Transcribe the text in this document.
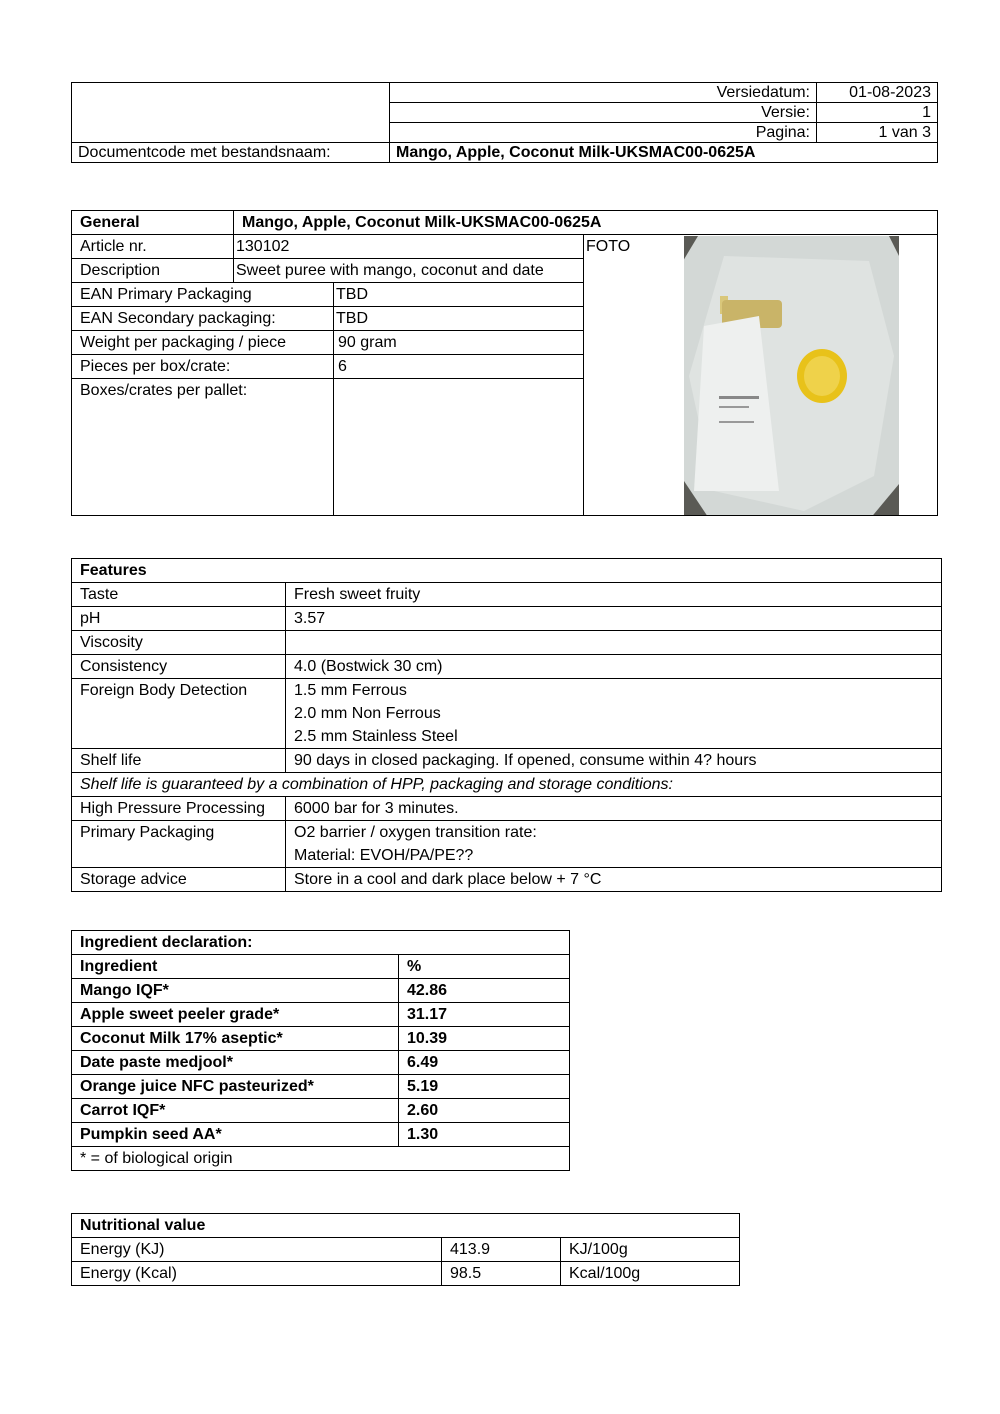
	Versiedatum:	01-08-2023
	Versie:	1
	Pagina:	1 van 3
Documentcode met bestandsnaam:	Mango, Apple, Coconut Milk-UKSMAC00-0625A	
General	Mango, Apple, Coconut Milk-UKSMAC00-0625A		
Article nr.	130102		FOTO

Description	Sweet puree with mango, coconut and date		
EAN Primary Packaging		TBD	
EAN Secondary packaging:		TBD	
Weight per packaging / piece		90 gram	
Pieces per box/crate:		6	
Boxes/crates per pallet:			
Features	
Taste	Fresh sweet fruity
pH	3.57
Viscosity	
Consistency	4.0 (Bostwick 30 cm)
Foreign Body Detection	1.5 mm Ferrous
2.0 mm Non Ferrous
2.5 mm Stainless Steel

Shelf life	90 days in closed packaging. If opened, consume within 4? hours
Shelf life is guaranteed by a combination of HPP, packaging and storage conditions:	
High Pressure Processing	6000 bar for 3 minutes.
Primary Packaging	O2 barrier / oxygen transition rate:
Material: EVOH/PA/PE??

Storage advice	Store in a cool and dark place below + 7 °C
Ingredient declaration:	
Ingredient	%
Mango IQF*	42.86
Apple sweet peeler grade*	31.17
Coconut Milk 17% aseptic*	10.39
Date paste medjool*	6.49
Orange juice NFC pasteurized*	5.19
Carrot IQF*	2.60
Pumpkin seed AA*	1.30
* = of biological origin	
Nutritional value		
Energy (KJ)	413.9	KJ/100g
Energy (Kcal)	98.5	Kcal/100g
